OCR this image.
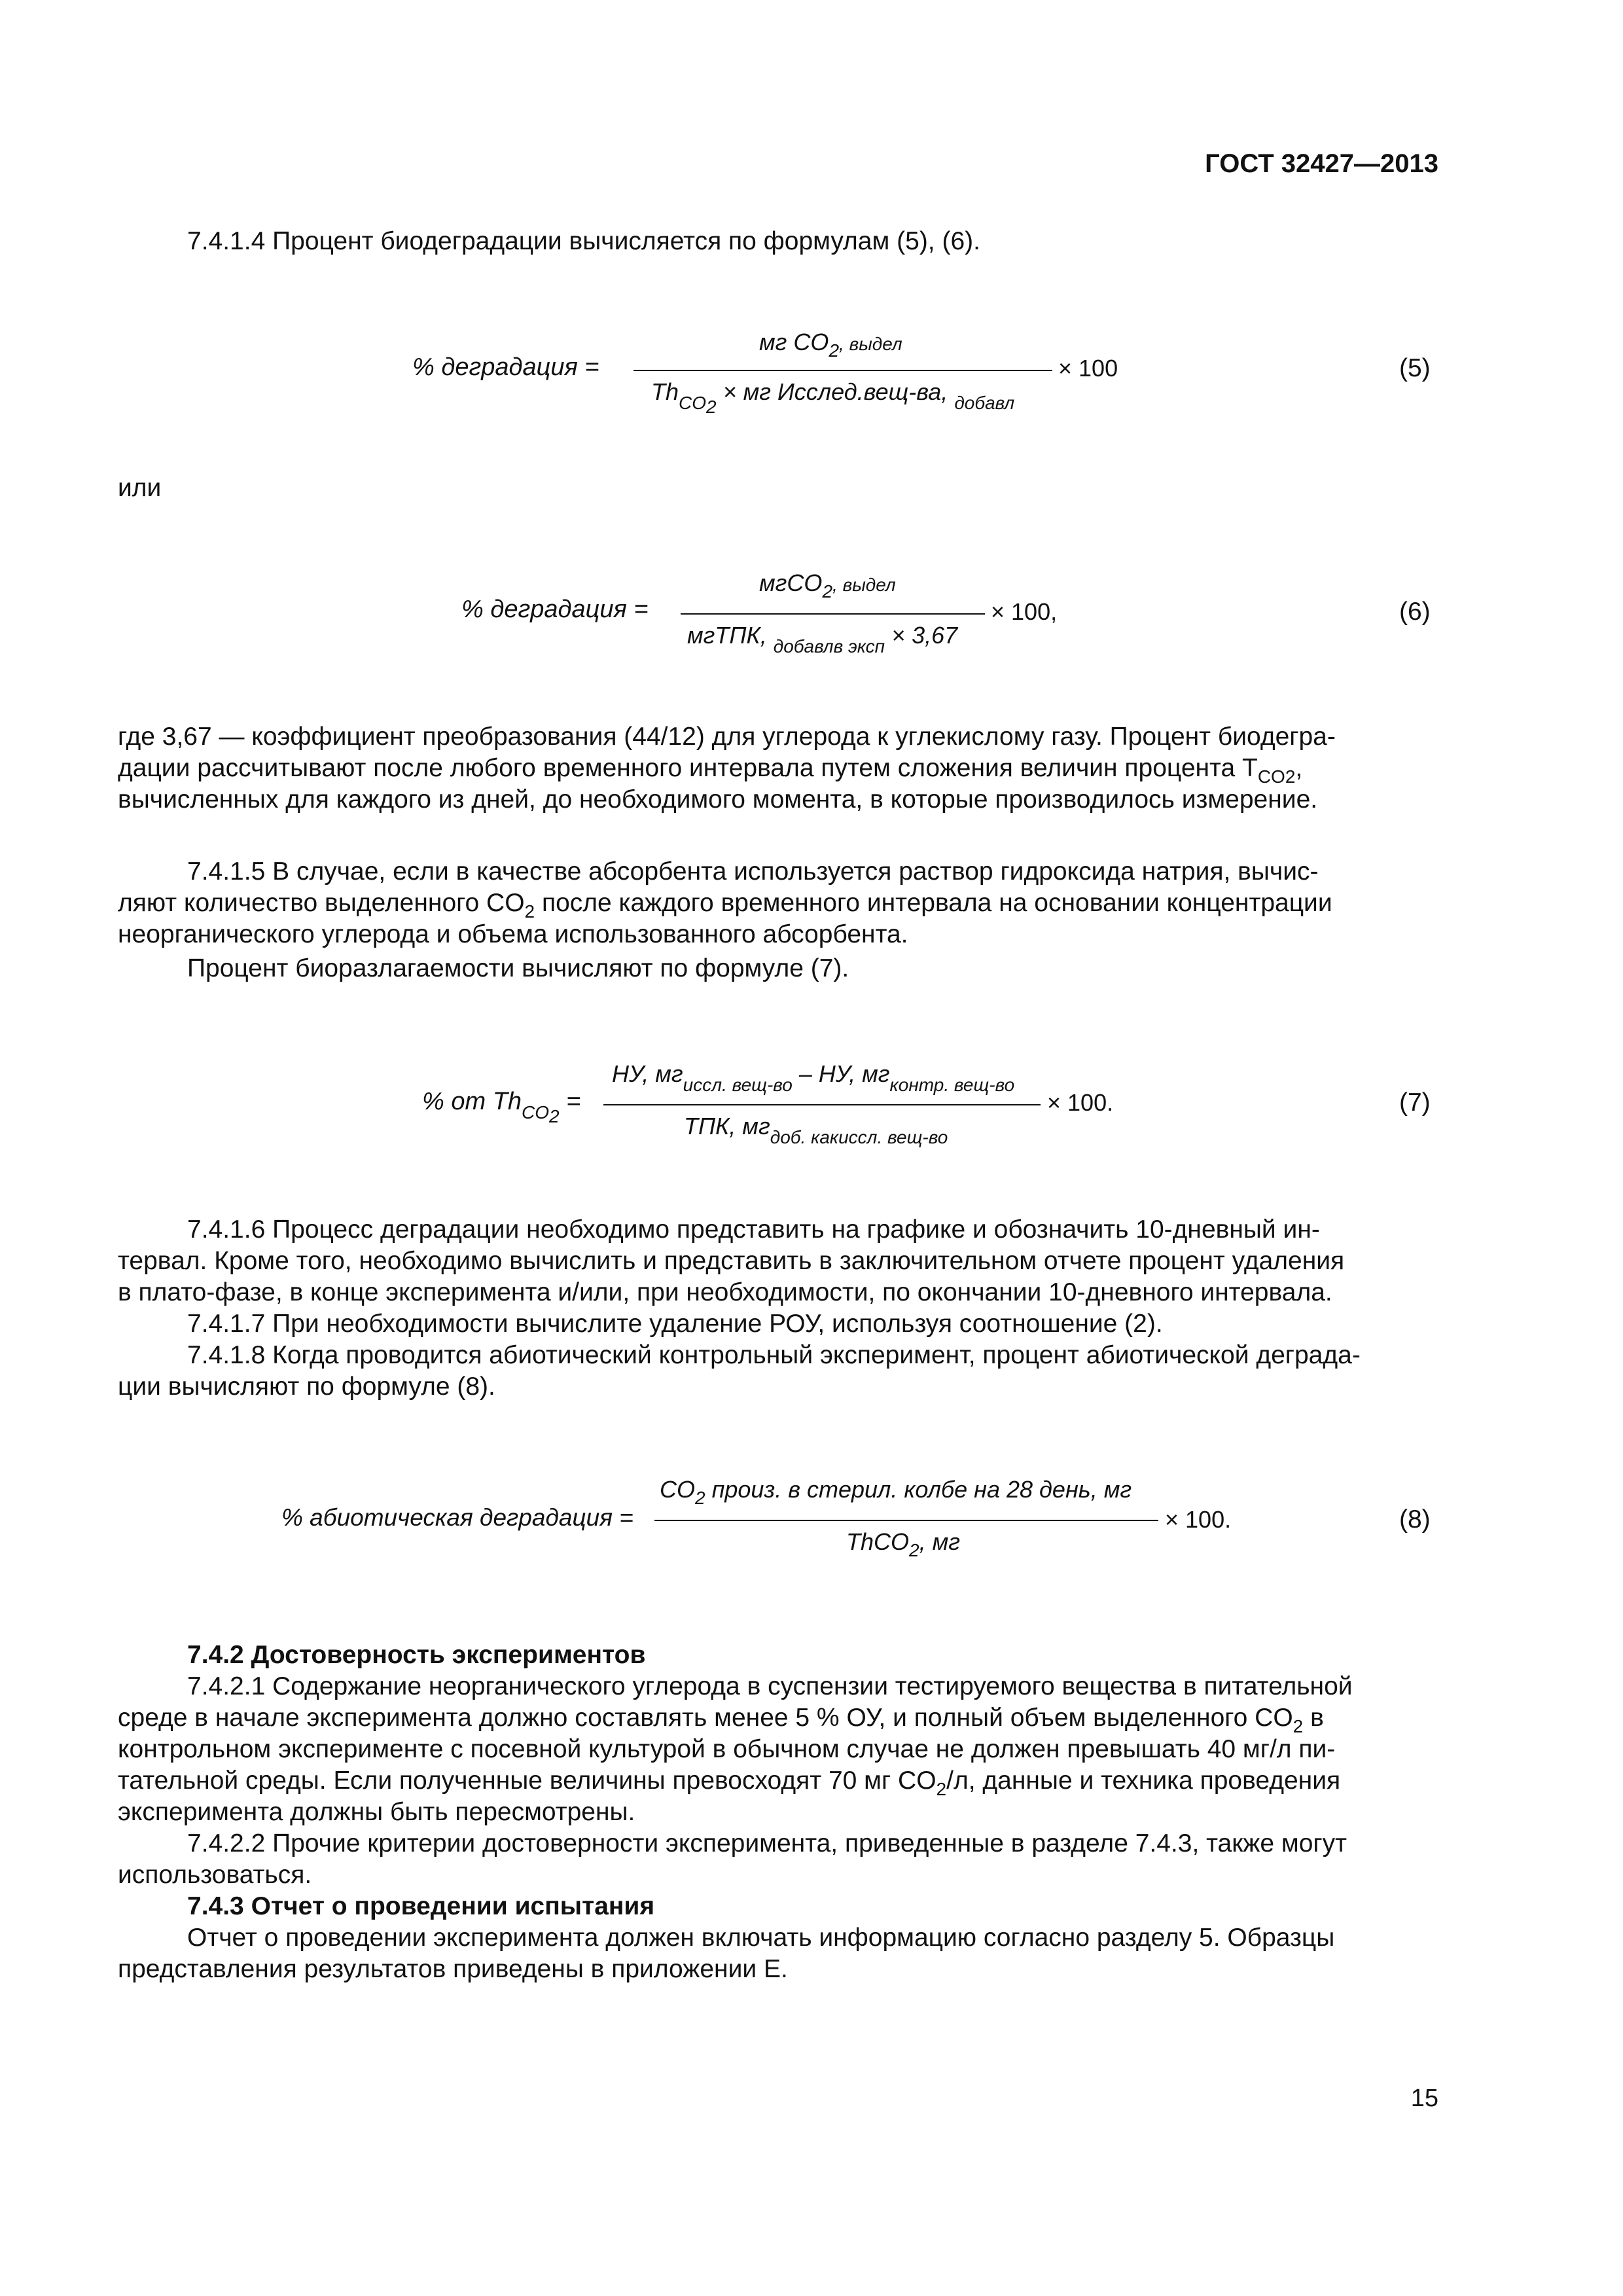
ГОСТ 32427—2013
7.4.1.4 Процент биодеградации вычисляется по формулам (5), (6).
% деградация =
мг $CO_2$, выдел
$Th_{CO2}$ × мг Исслед.вещ-ва, $_{добавл}$
× 100	(5)
или
% деградация =
мгCO$_2$, выдел
мгТПК, $_{добавлв эксп}$ × 3,67
× 100,	(6)
где 3,67 — коэффициент преобразования (44/12) для углерода к углекислому газу. Процент биодегра-
дации рассчитывают после любого временного интервала путем сложения величин процента $T_{CO2}$,
вычисленных для каждого из дней, до необходимого момента, в которые производилось измерение.
7.4.1.5 В случае, если в качестве абсорбента используется раствор гидроксида натрия, вычис-
ляют количество выделенного $CO_2$ после каждого временного интервала на основании концентрации
неорганического углерода и объема использованного абсорбента.
Процент биоразлагаемости вычисляют по формуле (7).
% от $Th_{CO2}$ =
НУ, $мг_{иссл. вещ-во}$ – НУ, $мг_{контр. вещ-во}$
ТПК, $мг_{доб. какиссл. вещ-во}$
× 100.	(7)
7.4.1.6 Процесс деградации необходимо представить на графике и обозначить 10-дневный ин-
тервал. Кроме того, необходимо вычислить и представить в заключительном отчете процент удаления
в плато-фазе, в конце эксперимента и/или, при необходимости, по окончании 10-дневного интервала.
7.4.1.7 При необходимости вычислите удаление РОУ, используя соотношение (2).
7.4.1.8 Когда проводится абиотический контрольный эксперимент, процент абиотической деграда-
ции вычисляют по формуле (8).
% абиотическая деградация =
$CO_2$ произ. в стерил. колбе на 28 день, мг
ThCO$_2$, мг
× 100.	(8)
7.4.2 Достоверность экспериментов
7.4.2.1 Содержание неорганического углерода в суспензии тестируемого вещества в питательной
среде в начале эксперимента должно составлять менее 5 % ОУ, и полный объем выделенного $CO_2$ в
контрольном эксперименте с посевной культурой в обычном случае не должен превышать 40 мг/л пи-
тательной среды. Если полученные величины превосходят 70 мг $CO_2/л$, данные и техника проведения
эксперимента должны быть пересмотрены.
7.4.2.2 Прочие критерии достоверности эксперимента, приведенные в разделе 7.4.3, также могут
использоваться.
7.4.3 Отчет о проведении испытания
Отчет о проведении эксперимента должен включать информацию согласно разделу 5. Образцы
представления результатов приведены в приложении Е.
15
